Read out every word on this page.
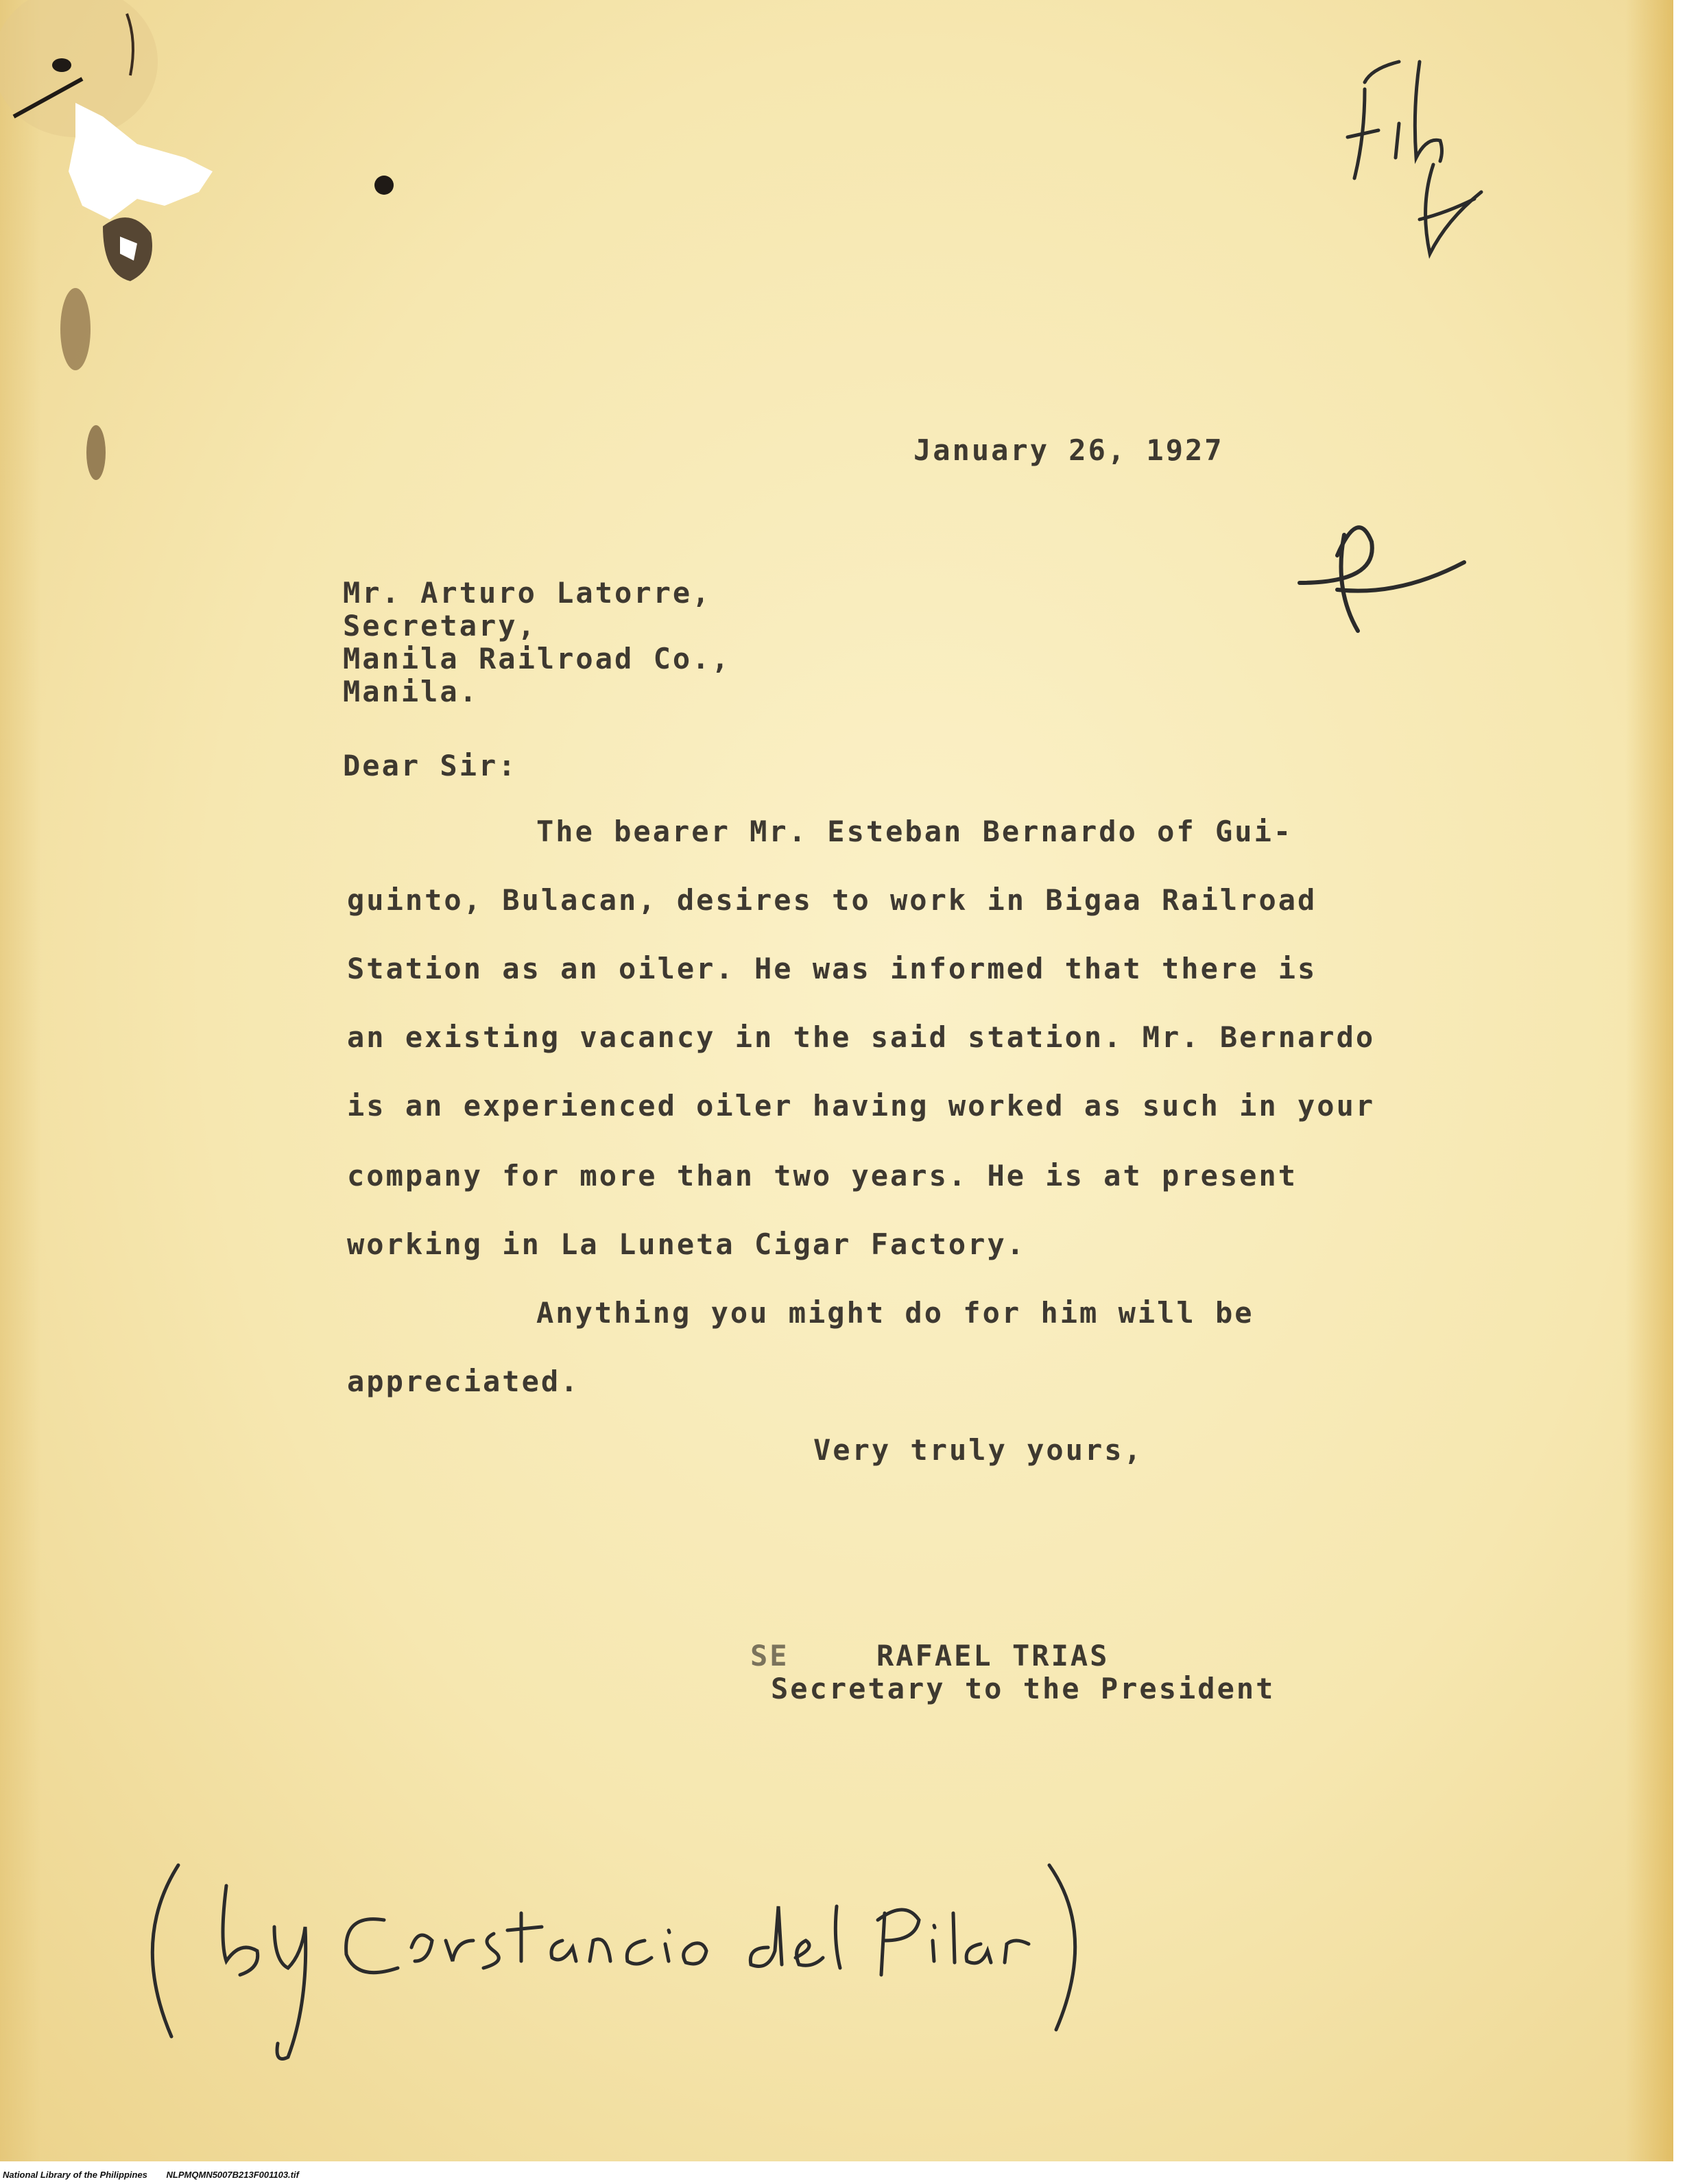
January 26, 1927
Mr. Arturo Latorre,
Secretary,
Manila Railroad Co.,
Manila.
Dear Sir:
The bearer Mr. Esteban Bernardo of Gui-
guinto, Bulacan, desires to work in Bigaa Railroad
Station as an oiler. He was informed that there is
an existing vacancy in the said station. Mr. Bernardo
is an experienced oiler having worked as such in your
company for more than two years. He is at present
working in La Luneta Cigar Factory.
Anything you might do for him will be
appreciated.
Very truly yours,
SE	RAFAEL TRIAS
Secretary to the President
National Library of the Philippines NLPMQMN5007B213F001103.tif
